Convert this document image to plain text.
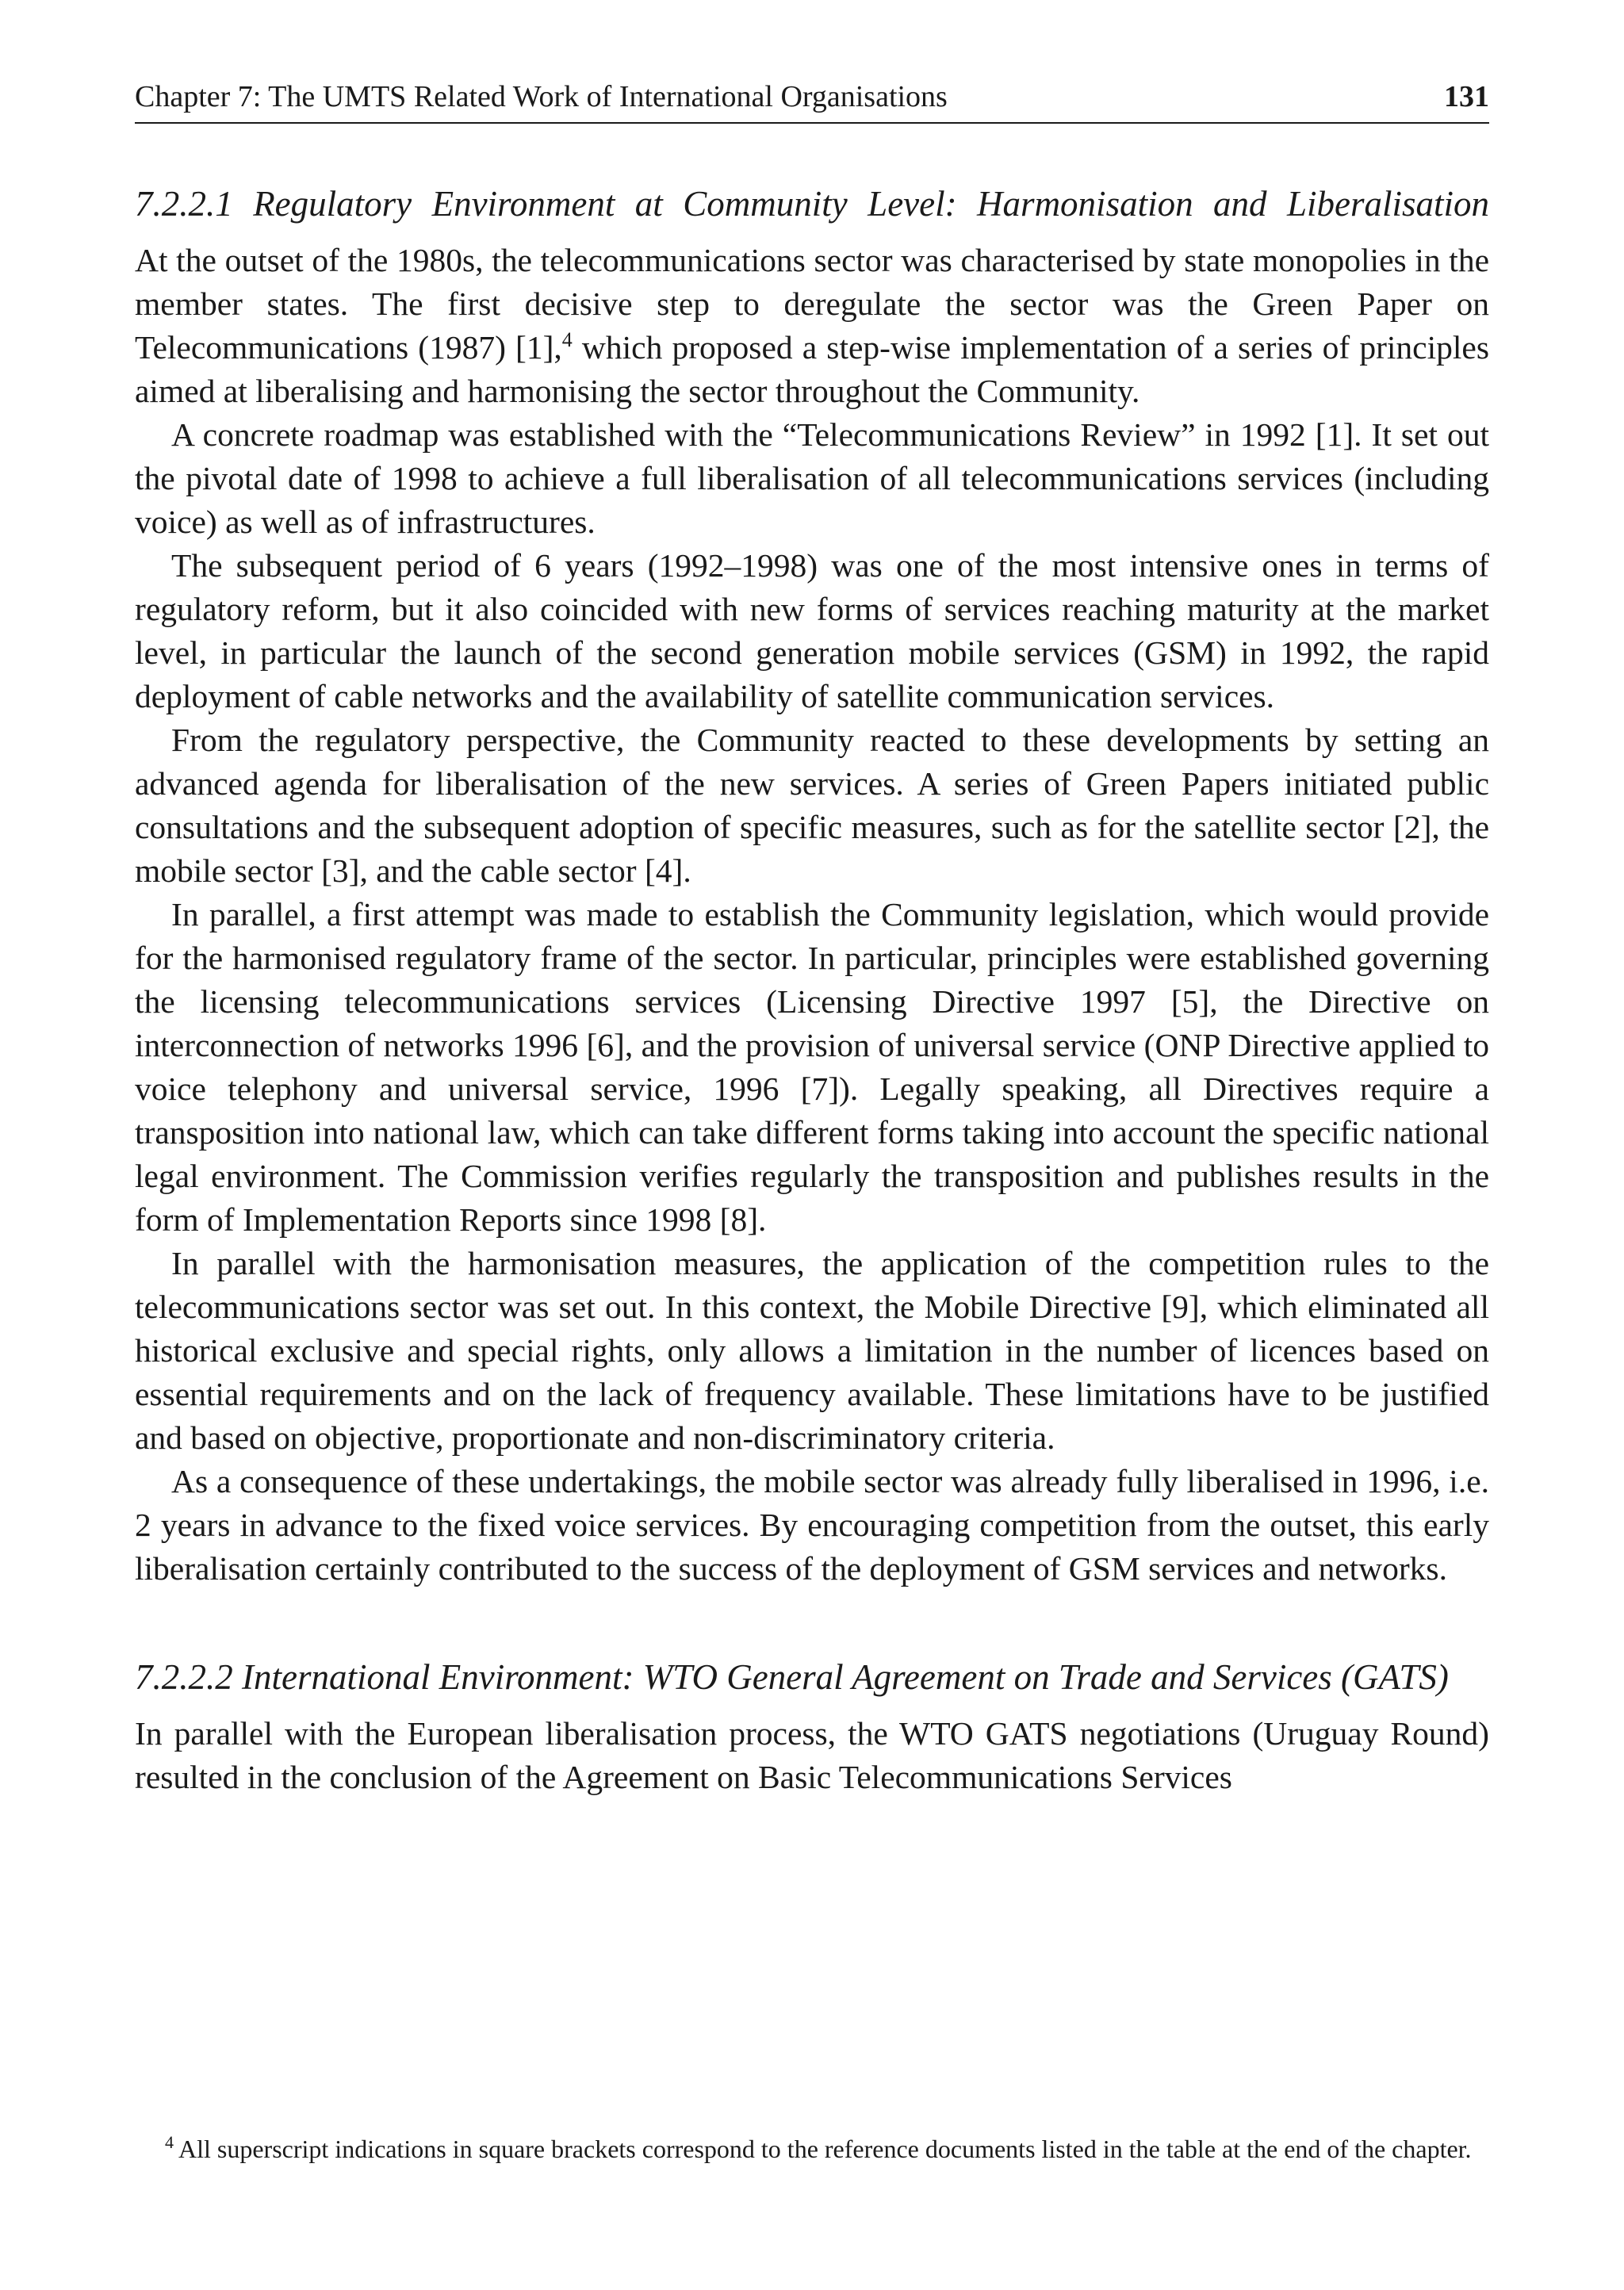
Chapter 7: The UMTS Related Work of International Organisations	131
7.2.2.1 Regulatory Environment at Community Level: Harmonisation and Liberalisation

At the outset of the 1980s, the telecommunications sector was characterised by state monopolies in the member states. The first decisive step to deregulate the sector was the Green Paper on Telecommunications (1987) [1],$^4$ which proposed a step-wise implementation of a series of principles aimed at liberalising and harmonising the sector throughout the Community.

A concrete roadmap was established with the “Telecommunications Review” in 1992 [1]. It set out the pivotal date of 1998 to achieve a full liberalisation of all telecommunications services (including voice) as well as of infrastructures.

The subsequent period of 6 years (1992–1998) was one of the most intensive ones in terms of regulatory reform, but it also coincided with new forms of services reaching maturity at the market level, in particular the launch of the second generation mobile services (GSM) in 1992, the rapid deployment of cable networks and the availability of satellite communication services.

From the regulatory perspective, the Community reacted to these developments by setting an advanced agenda for liberalisation of the new services. A series of Green Papers initiated public consultations and the subsequent adoption of specific measures, such as for the satellite sector [2], the mobile sector [3], and the cable sector [4].

In parallel, a first attempt was made to establish the Community legislation, which would provide for the harmonised regulatory frame of the sector. In particular, principles were established governing the licensing telecommunications services (Licensing Directive 1997 [5], the Directive on interconnection of networks 1996 [6], and the provision of universal service (ONP Directive applied to voice telephony and universal service, 1996 [7]). Legally speaking, all Directives require a transposition into national law, which can take different forms taking into account the specific national legal environment. The Commission verifies regularly the transposition and publishes results in the form of Implementation Reports since 1998 [8].

In parallel with the harmonisation measures, the application of the competition rules to the telecommunications sector was set out. In this context, the Mobile Directive [9], which eliminated all historical exclusive and special rights, only allows a limitation in the number of licences based on essential requirements and on the lack of frequency available. These limitations have to be justified and based on objective, proportionate and non-discriminatory criteria.

As a consequence of these undertakings, the mobile sector was already fully liberalised in 1996, i.e. 2 years in advance to the fixed voice services. By encouraging competition from the outset, this early liberalisation certainly contributed to the success of the deployment of GSM services and networks.

7.2.2.2 International Environment: WTO General Agreement on Trade and Services (GATS)

In parallel with the European liberalisation process, the WTO GATS negotiations (Uruguay Round) resulted in the conclusion of the Agreement on Basic Telecommunications Services

$^4$ All superscript indications in square brackets correspond to the reference documents listed in the table at the end of the chapter.
